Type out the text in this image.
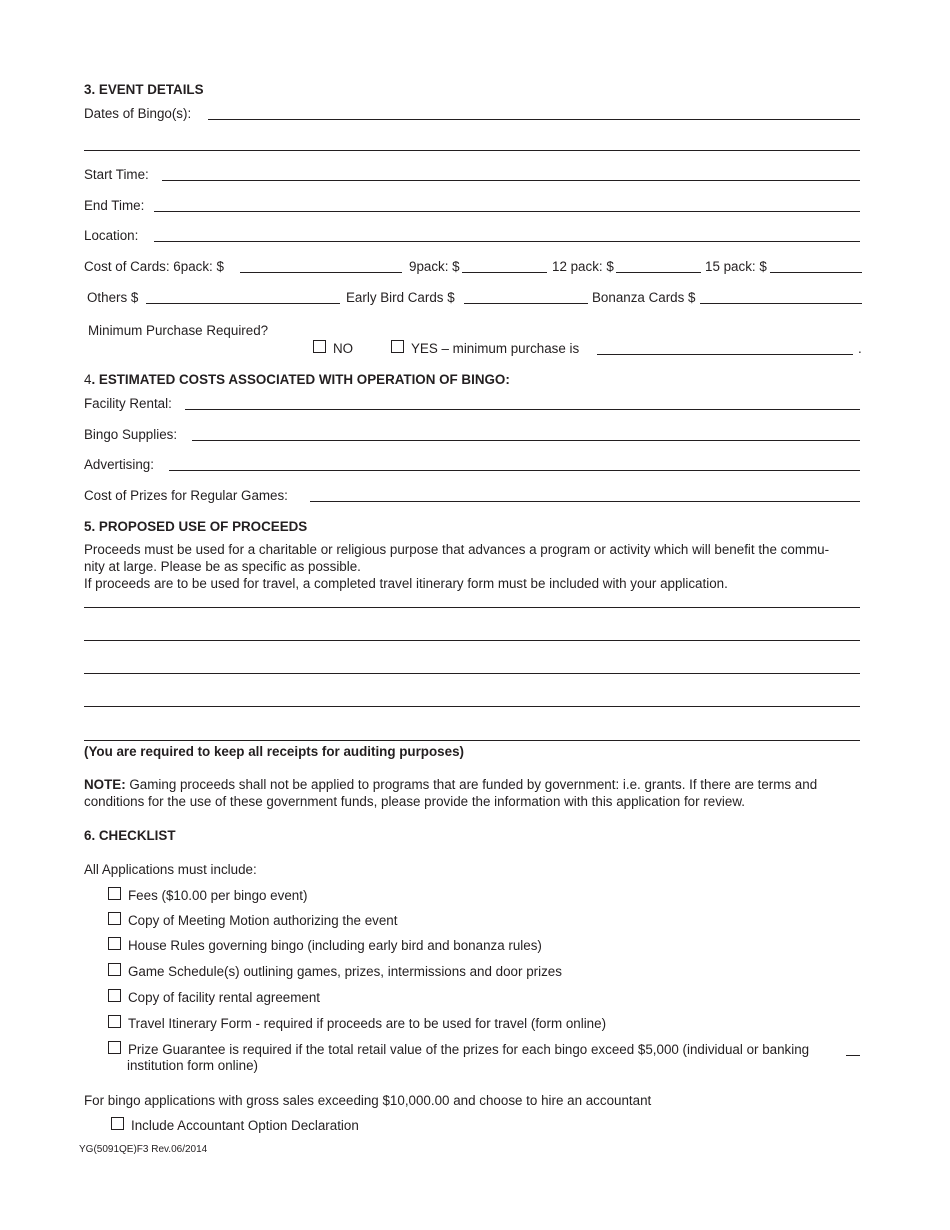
3. EVENT DETAILS
Dates of Bingo(s):
Start Time:
End Time:
Location:
Cost of Cards: 6pack: $	9pack: $	12 pack: $	15 pack: $
Others $	Early Bird Cards $	Bonanza Cards $
Minimum Purchase Required?
NO	YES – minimum purchase is	.
4. ESTIMATED COSTS ASSOCIATED WITH OPERATION OF BINGO:
Facility Rental:
Bingo Supplies:
Advertising:
Cost of Prizes for Regular Games:
5. PROPOSED USE OF PROCEEDS
Proceeds must be used for a charitable or religious purpose that advances a program or activity which will benefit the commu-
nity at large. Please be as specific as possible.
If proceeds are to be used for travel, a completed travel itinerary form must be included with your application.
(You are required to keep all receipts for auditing purposes)
NOTE: Gaming proceeds shall not be applied to programs that are funded by government: i.e. grants. If there are terms and
conditions for the use of these government funds, please provide the information with this application for review.
6. CHECKLIST
All Applications must include:
Fees ($10.00 per bingo event)
Copy of Meeting Motion authorizing the event
House Rules governing bingo (including early bird and bonanza rules)
Game Schedule(s) outlining games, prizes, intermissions and door prizes
Copy of facility rental agreement
Travel Itinerary Form - required if proceeds are to be used for travel (form online)
Prize Guarantee is required if the total retail value of the prizes for each bingo exceed $5,000 (individual or banking
institution form online)
For bingo applications with gross sales exceeding $10,000.00 and choose to hire an accountant
Include Accountant Option Declaration
YG(5091QE)F3 Rev.06/2014
